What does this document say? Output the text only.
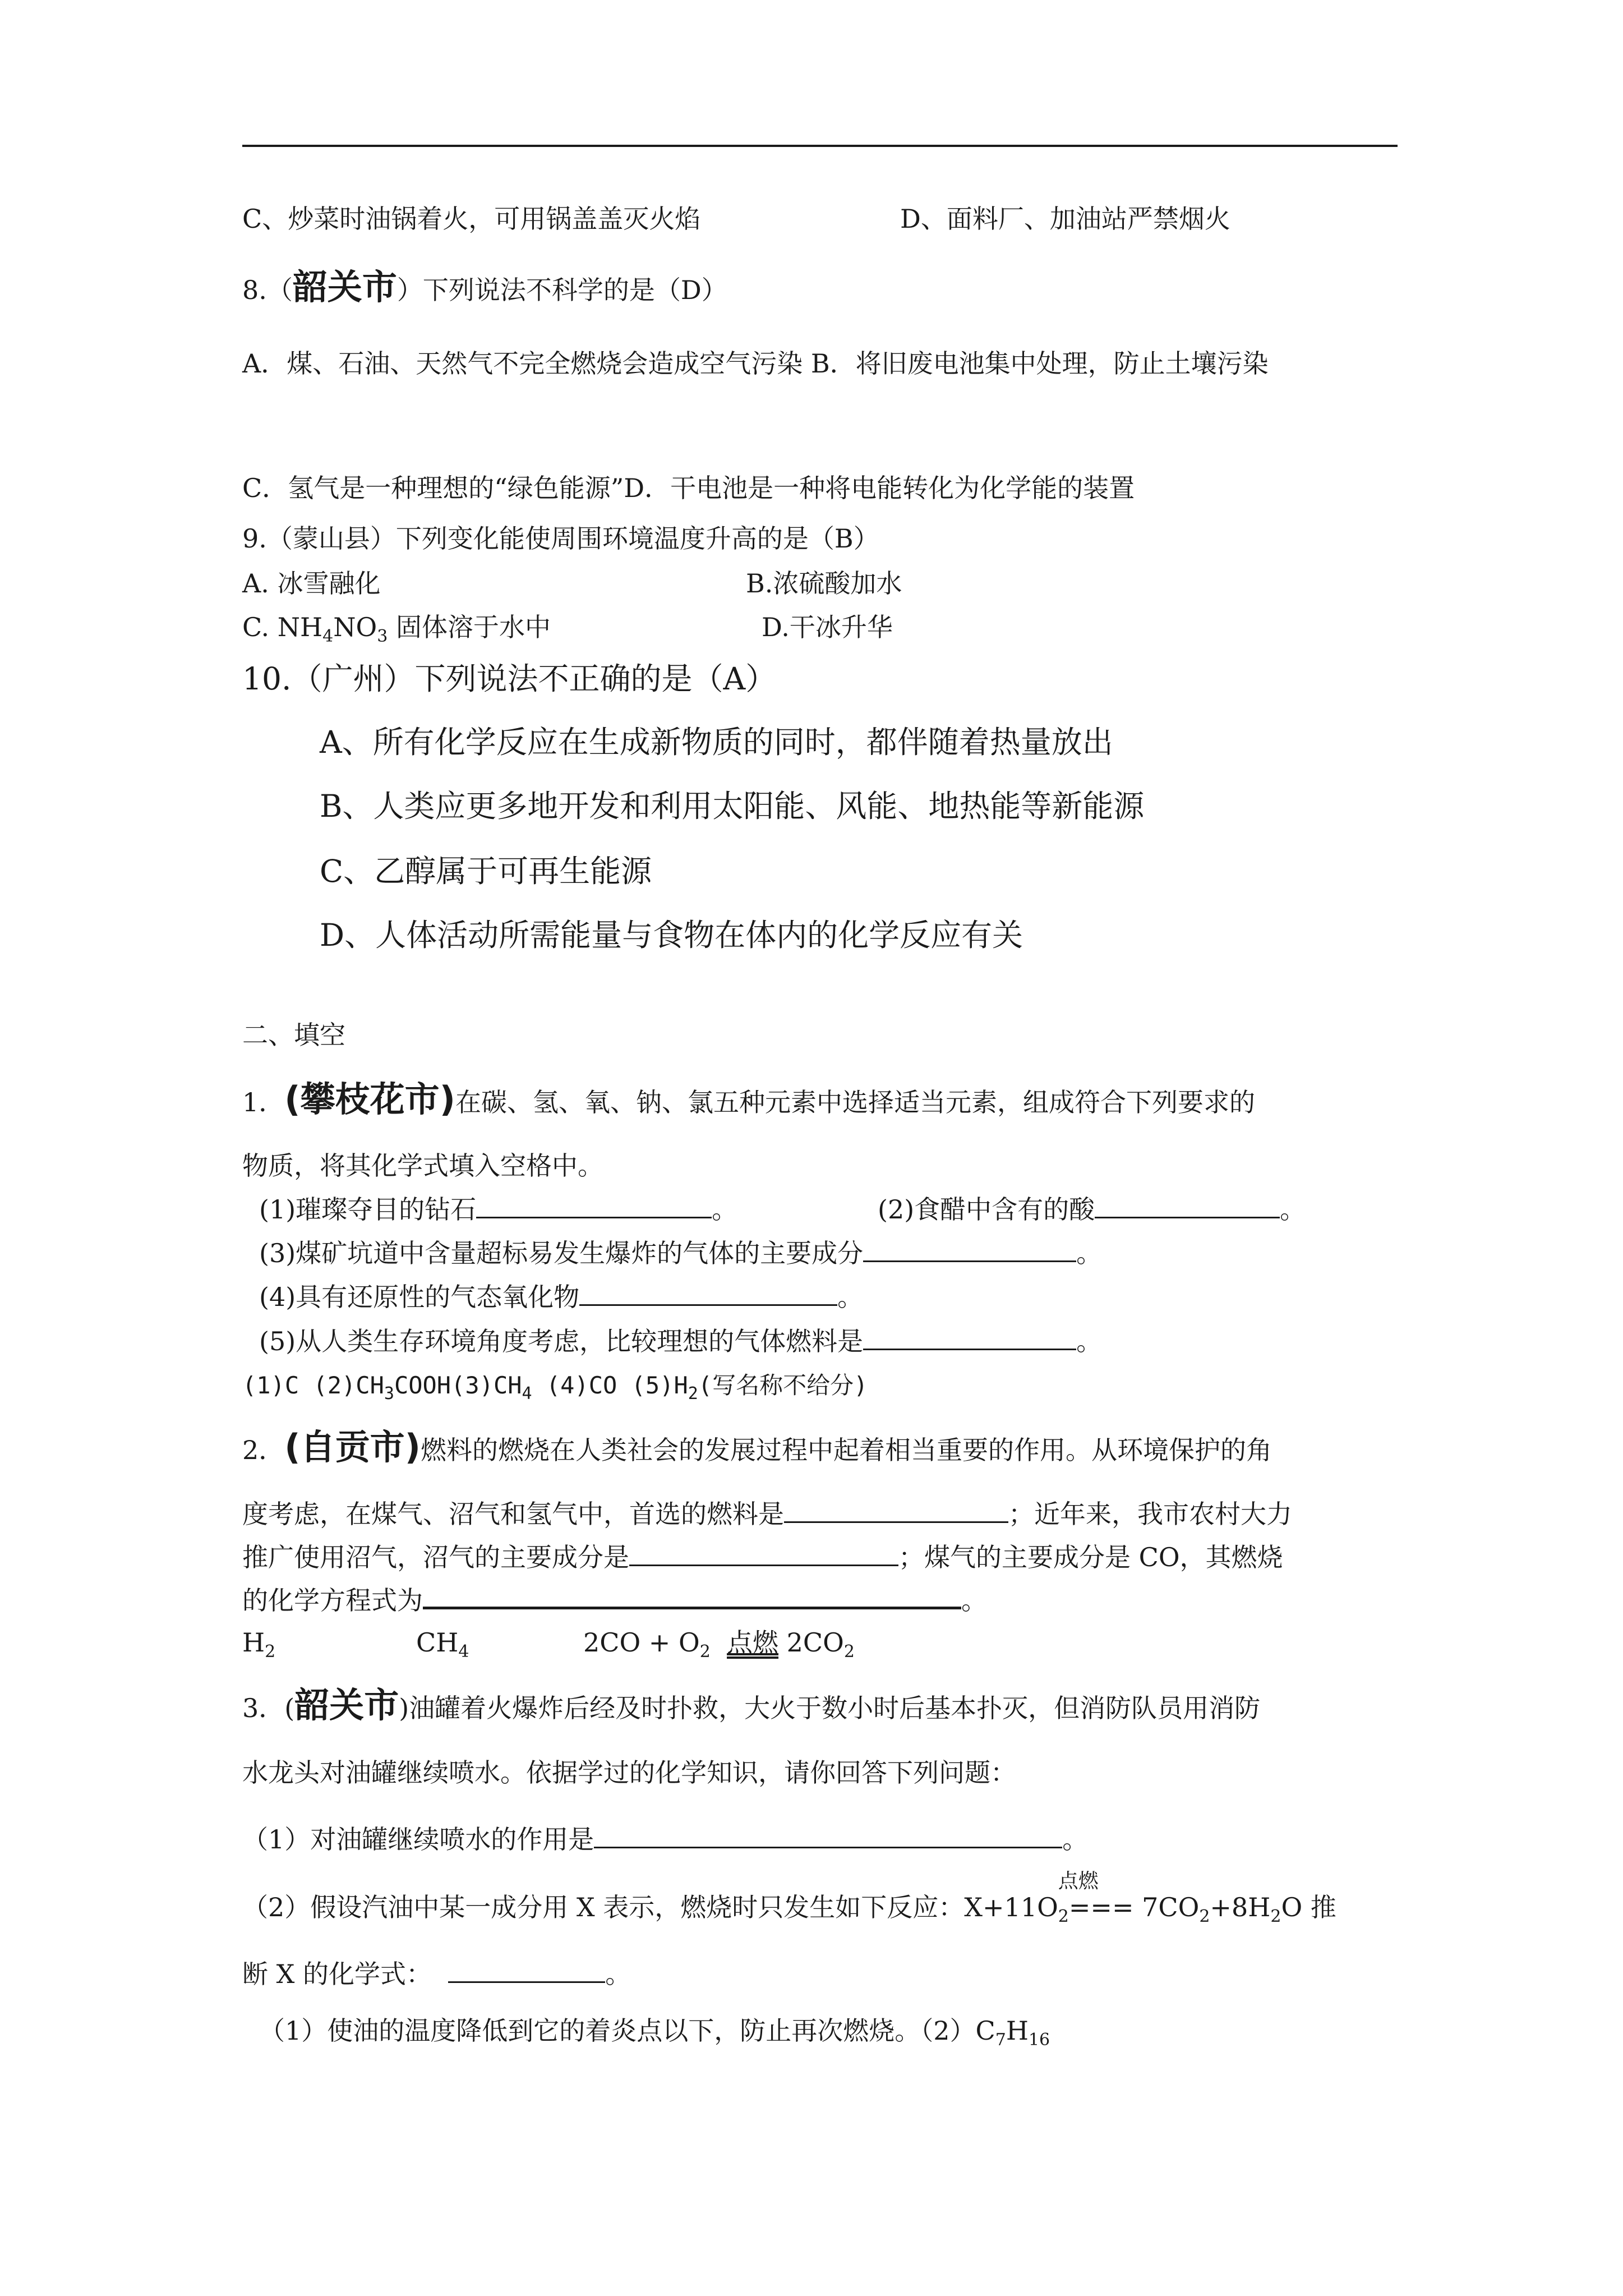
C、炒菜时油锅着火，可用锅盖盖灭火焰	D、面料厂、加油站严禁烟火
8.（韶关市）下列说法不科学的是（D）
A．煤、石油、天然气不完全燃烧会造成空气污染 B．将旧废电池集中处理，防止土壤污染
C．氢气是一种理想的“绿色能源”D．干电池是一种将电能转化为化学能的装置
9.（蒙山县）下列变化能使周围环境温度升高的是（B）
A. 冰雪融化	B.浓硫酸加水
C. $NH_4NO_3$ 固体溶于水中	D.干冰升华
10.（广州）下列说法不正确的是（A）
A、所有化学反应在生成新物质的同时，都伴随着热量放出
B、人类应更多地开发和利用太阳能、风能、地热能等新能源
C、乙醇属于可再生能源
D、人体活动所需能量与食物在体内的化学反应有关
二、填空
1．(攀枝花市)在碳、氢、氧、钠、氯五种元素中选择适当元素，组成符合下列要求的
物质，将其化学式填入空格中。
(1)璀璨夺目的钻石	。	(2)食醋中含有的酸	。
(3)煤矿坑道中含量超标易发生爆炸的气体的主要成分	。
(4)具有还原性的气态氧化物	。
(5)从人类生存环境角度考虑，比较理想的气体燃料是	。
(1)C $(2)CH_3COOH(3)CH_4$ (4)CO $(5)H_2$(写名称不给分)
2．(自贡市)燃料的燃烧在人类社会的发展过程中起着相当重要的作用。从环境保护的角
度考虑，在煤气、沼气和氢气中，首选的燃料是	；近年来，我市农村大力
推广使用沼气，沼气的主要成分是	；煤气的主要成分是 CO，其燃烧
的化学方程式为	。
$H_2$	$CH_4$	$2CO + O_2$ 点燃 $2CO_2$
3．(韶关市)油罐着火爆炸后经及时扑救，大火于数小时后基本扑灭，但消防队员用消防
水龙头对油罐继续喷水。依据学过的化学知识，请你回答下列问题：
（1）对油罐继续喷水的作用是	。
（2）假设汽油中某一成分用 X 表示，燃烧时只发生如下反应：X+11O
点燃
$_2=== 7CO_2+8H_2O$ 推
断 X 的化学式：	。
（1）使油的温度降低到它的着炎点以下，防止再次燃烧。$(2)C_7H_{16}$
